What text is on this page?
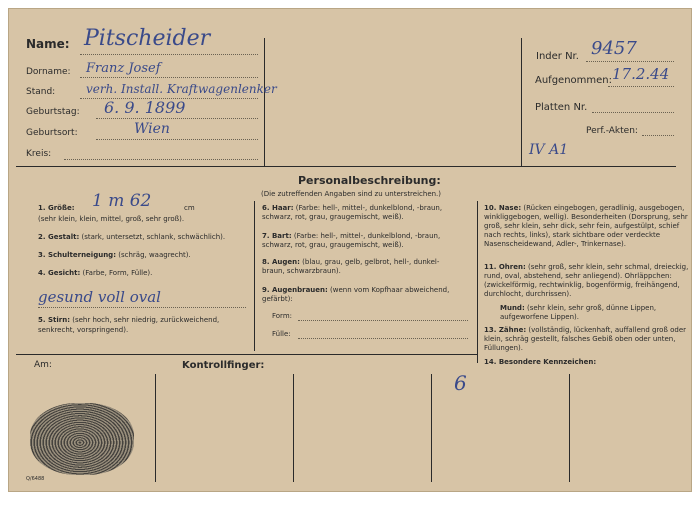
Name: Pitscheider
Dorname: Franz Josef
Stand:	verh. Install. Kraftwagenlenker
Geburtstag: 6. 9. 1899
Geburtsort:	Wien
Kreis:
Inder Nr. 9457
Aufgenommen: 17.2.44
Platten Nr.
Perf.-Akten:
IV A1
Personalbeschreibung:
(Die zutreffenden Angaben sind zu unterstreichen.)
1. Größe: 1 m 62	cm
(sehr klein, klein, mittel, groß, sehr groß).
2. Gestalt: (stark, untersetzt, schlank, schwächlich).
3. Schulterneigung: (schräg, waagrecht).
4. Gesicht: (Farbe, Form, Fülle).
gesund voll oval
5. Stirn: (sehr hoch, sehr niedrig, zurückweichend,
senkrecht, vorspringend).
6. Haar: (Farbe: hell-, mittel-, dunkelblond, -braun,
schwarz, rot, grau, graugemischt, weiß).
7. Bart: (Farbe: hell-, mittel-, dunkelblond, -braun,
schwarz, rot, grau, graugemischt, weiß).
8. Augen: (blau, grau, gelb, gelbrot, hell-, dunkel-
braun, schwarzbraun).
9. Augenbrauen: (wenn vom Kopfhaar abweichend,
gefärbt):
Form:
Fülle:
10. Nase: (Rücken eingebogen, geradlinig, ausgebogen, winkliggebogen, wellig). Besonderheiten (Dorsprung, sehr groß, sehr klein, sehr dick, sehr fein, aufgestülpt, schief nach rechts, links), stark sichtbare oder verdeckte Nasenscheidewand, Adler-, Trinkernase).
11. Ohren: (sehr groß, sehr klein, sehr schmal, dreieckig, rund, oval, abstehend, sehr anliegend). Ohrläppchen: (zwickelförmig, rechtwinklig, bogenförmig, freihängend, durchlocht, durchrissen).
Mund: (sehr klein, sehr groß, dünne Lippen, aufgeworfene Lippen).
13. Zähne: (vollständig, lückenhaft, auffallend groß oder klein, schräg gestellt, falsches Gebiß oben oder unten, Füllungen).
14. Besondere Kennzeichen:
Am:	Kontrollfinger:
6
Q/6488
